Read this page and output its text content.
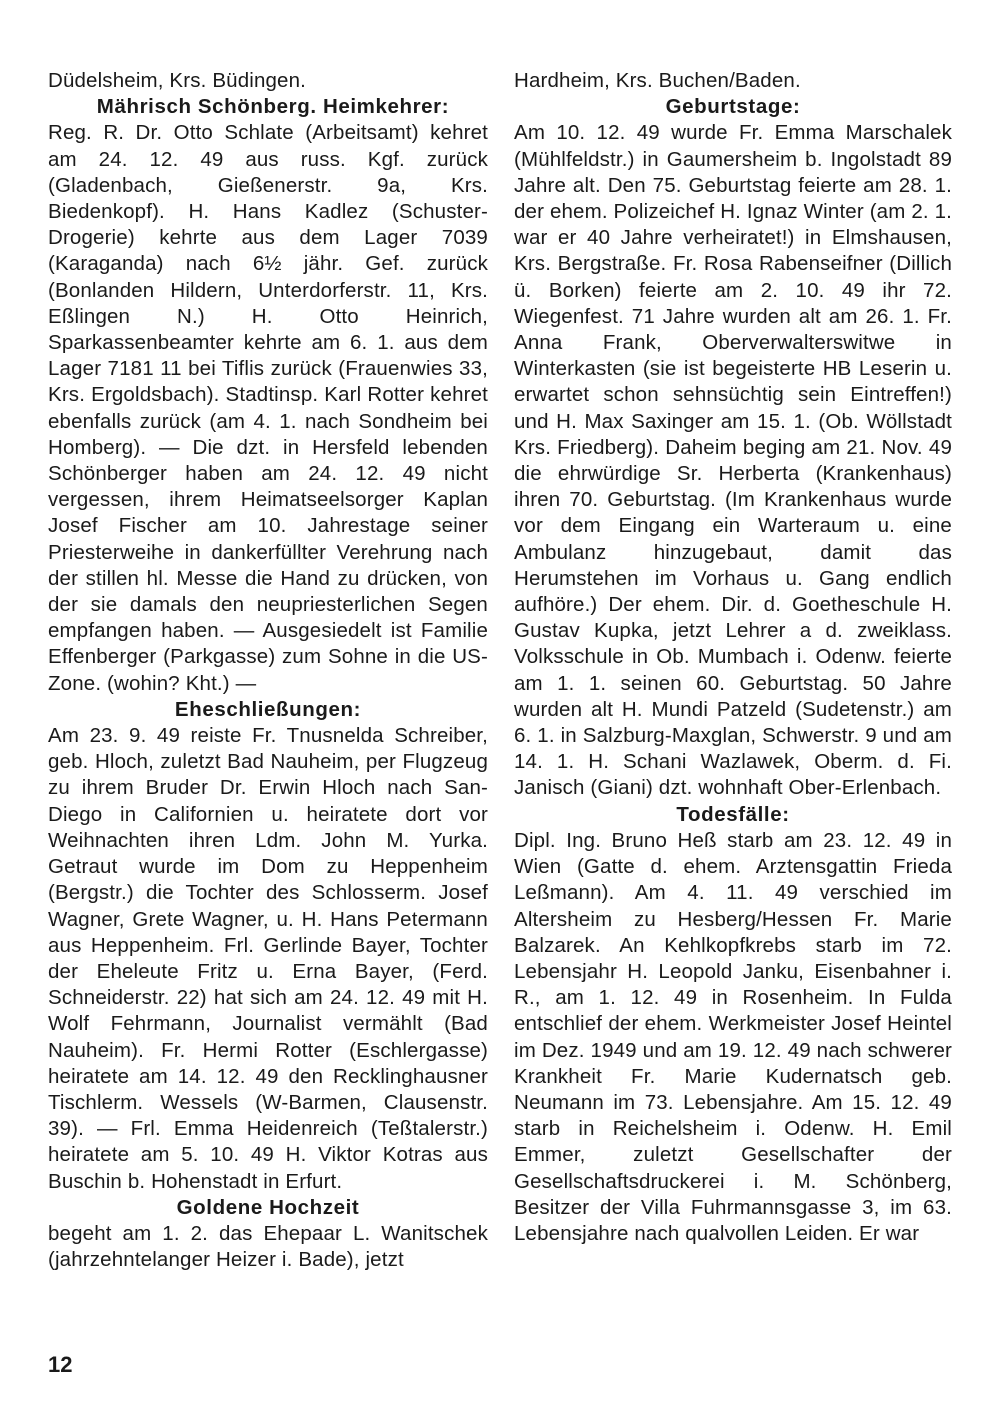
Düdelsheim, Krs. Büdingen.

Mährisch Schönberg. Heimkehrer:

Reg. R. Dr. Otto Schlate (Arbeitsamt) kehret am 24. 12. 49 aus russ. Kgf. zurück (Gladenbach, Gießenerstr. 9a, Krs. Biedenkopf). H. Hans Kadlez (Schuster-Drogerie) kehrte aus dem Lager 7039 (Karaganda) nach 6½ jähr. Gef. zurück (Bonlanden Hildern, Unterdorferstr. 11, Krs. Eßlingen N.) H. Otto Heinrich, Sparkassenbeamter kehrte am 6. 1. aus dem Lager 7181 11 bei Tiflis zurück (Frauenwies 33, Krs. Ergoldsbach). Stadtinsp. Karl Rotter kehret ebenfalls zurück (am 4. 1. nach Sondheim bei Homberg). — Die dzt. in Hersfeld lebenden Schönberger haben am 24. 12. 49 nicht vergessen, ihrem Heimatseelsorger Kaplan Josef Fischer am 10. Jahrestage seiner Priesterweihe in dankerfüllter Verehrung nach der stillen hl. Messe die Hand zu drücken, von der sie damals den neupriesterlichen Segen empfangen haben. — Ausgesiedelt ist Familie Effenberger (Parkgasse) zum Sohne in die US-Zone. (wohin? Kht.) —

Eheschließungen:

Am 23. 9. 49 reiste Fr. Tnusnelda Schreiber, geb. Hloch, zuletzt Bad Nauheim, per Flugzeug zu ihrem Bruder Dr. Erwin Hloch nach San-Diego in Californien u. heiratete dort vor Weihnachten ihren Ldm. John M. Yurka. Getraut wurde im Dom zu Heppenheim (Bergstr.) die Tochter des Schlosserm. Josef Wagner, Grete Wagner, u. H. Hans Petermann aus Heppenheim. Frl. Gerlinde Bayer, Tochter der Eheleute Fritz u. Erna Bayer, (Ferd. Schneiderstr. 22) hat sich am 24. 12. 49 mit H. Wolf Fehrmann, Journalist vermählt (Bad Nauheim). Fr. Hermi Rotter (Eschlergasse) heiratete am 14. 12. 49 den Recklinghausner Tischlerm. Wessels (W-Barmen, Clausenstr. 39). — Frl. Emma Heidenreich (Teßtalerstr.) heiratete am 5. 10. 49 H. Viktor Kotras aus Buschin b. Hohenstadt in Erfurt.

Goldene Hochzeit

begeht am 1. 2. das Ehepaar L. Wanitschek (jahrzehntelanger Heizer i. Bade), jetzt

Hardheim, Krs. Buchen/Baden.

Geburtstage:

Am 10. 12. 49 wurde Fr. Emma Marschalek (Mühlfeldstr.) in Gaumersheim b. Ingolstadt 89 Jahre alt. Den 75. Geburtstag feierte am 28. 1. der ehem. Polizeichef H. Ignaz Winter (am 2. 1. war er 40 Jahre verheiratet!) in Elmshausen, Krs. Bergstraße. Fr. Rosa Rabenseifner (Dillich ü. Borken) feierte am 2. 10. 49 ihr 72. Wiegenfest. 71 Jahre wurden alt am 26. 1. Fr. Anna Frank, Oberverwalterswitwe in Winterkasten (sie ist begeisterte HB Leserin u. erwartet schon sehnsüchtig sein Eintreffen!) und H. Max Saxinger am 15. 1. (Ob. Wöllstadt Krs. Friedberg). Daheim beging am 21. Nov. 49 die ehrwürdige Sr. Herberta (Krankenhaus) ihren 70. Geburtstag. (Im Krankenhaus wurde vor dem Eingang ein Warteraum u. eine Ambulanz hinzugebaut, damit das Herumstehen im Vorhaus u. Gang endlich aufhöre.) Der ehem. Dir. d. Goetheschule H. Gustav Kupka, jetzt Lehrer a d. zweiklass. Volksschule in Ob. Mumbach i. Odenw. feierte am 1. 1. seinen 60. Geburtstag. 50 Jahre wurden alt H. Mundi Patzeld (Sudetenstr.) am 6. 1. in Salzburg-Maxglan, Schwerstr. 9 und am 14. 1. H. Schani Wazlawek, Oberm. d. Fi. Janisch (Giani) dzt. wohnhaft Ober-Erlenbach.

Todesfälle:

Dipl. Ing. Bruno Heß starb am 23. 12. 49 in Wien (Gatte d. ehem. Arztensgattin Frieda Leßmann). Am 4. 11. 49 verschied im Altersheim zu Hesberg/Hessen Fr. Marie Balzarek. An Kehlkopfkrebs starb im 72. Lebensjahr H. Leopold Janku, Eisenbahner i. R., am 1. 12. 49 in Rosenheim. In Fulda entschlief der ehem. Werkmeister Josef Heintel im Dez. 1949 und am 19. 12. 49 nach schwerer Krankheit Fr. Marie Kudernatsch geb. Neumann im 73. Lebensjahre. Am 15. 12. 49 starb in Reichelsheim i. Odenw. H. Emil Emmer, zuletzt Gesellschafter der Gesellschaftsdruckerei i. M. Schönberg, Besitzer der Villa Fuhrmannsgasse 3, im 63. Lebensjahre nach qualvollen Leiden. Er war

12
